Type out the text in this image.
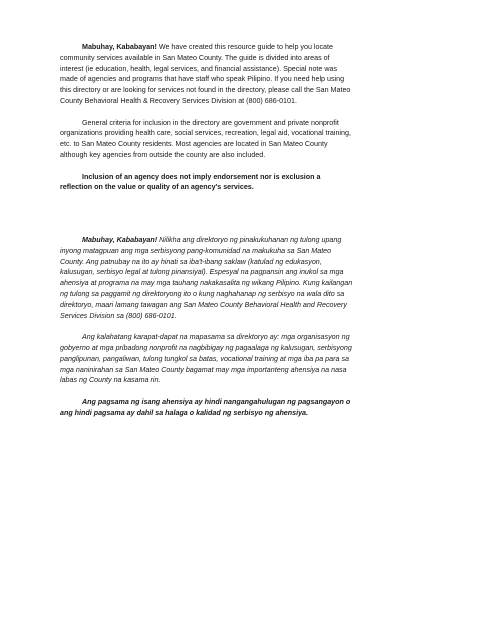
Mabuhay, Kababayan! We have created this resource guide to help you locate community services available in San Mateo County. The guide is divided into areas of interest (ie education, health, legal services, and financial assistance). Special note was made of agencies and programs that have staff who speak Pilipino. If you need help using this directory or are looking for services not found in the directory, please call the San Mateo County Behavioral Health & Recovery Services Division at (800) 686-0101.

General criteria for inclusion in the directory are government and private nonprofit organizations providing health care, social services, recreation, legal aid, vocational training, etc. to San Mateo County residents. Most agencies are located in San Mateo County although key agencies from outside the county are also included.

Inclusion of an agency does not imply endorsement nor is exclusion a reflection on the value or quality of an agency's services.

Mabuhay, Kababayan! Nilikha ang direktoryo ng pinakukuhanan ng tulong upang inyong matagpuan ang mga serbisyong pang-komunidad na makukuha sa San Mateo County. Ang patnubay na ito ay hinati sa iba't-ibang saklaw (katulad ng edukasyon, kalusugan, serbisyo legal at tulong pinansiyal). Espesyal na pagpansin ang inukol sa mga ahensiya at programa na may mga tauhang nakakasalita ng wikang Pilipino. Kung kailangan ng tulong sa paggamit ng direktoryong ito o kung naghahanap ng serbisyo na wala dito sa direktoryo, maari lamang tawagan ang San Mateo County Behavioral Health and Recovery Services Division sa (800) 686-0101.

Ang kalahatang karapat-dapat na mapasama sa direktoryo ay: mga organisasyon ng gobyerno at mga pribadong nonprofit na nagbibigay ng pagaalaga ng kalusugan, serbisyong panglipunan, pangaliwan, tulong tungkol sa batas, vocational training at mga iba pa para sa mga naninirahan sa San Mateo County bagamat may mga importanteng ahensiya na nasa labas ng County na kasama rin.

Ang pagsama ng isang ahensiya ay hindi nangangahulugan ng pagsangayon o ang hindi pagsama ay dahil sa halaga o kalidad ng serbisyo ng ahensiya.
